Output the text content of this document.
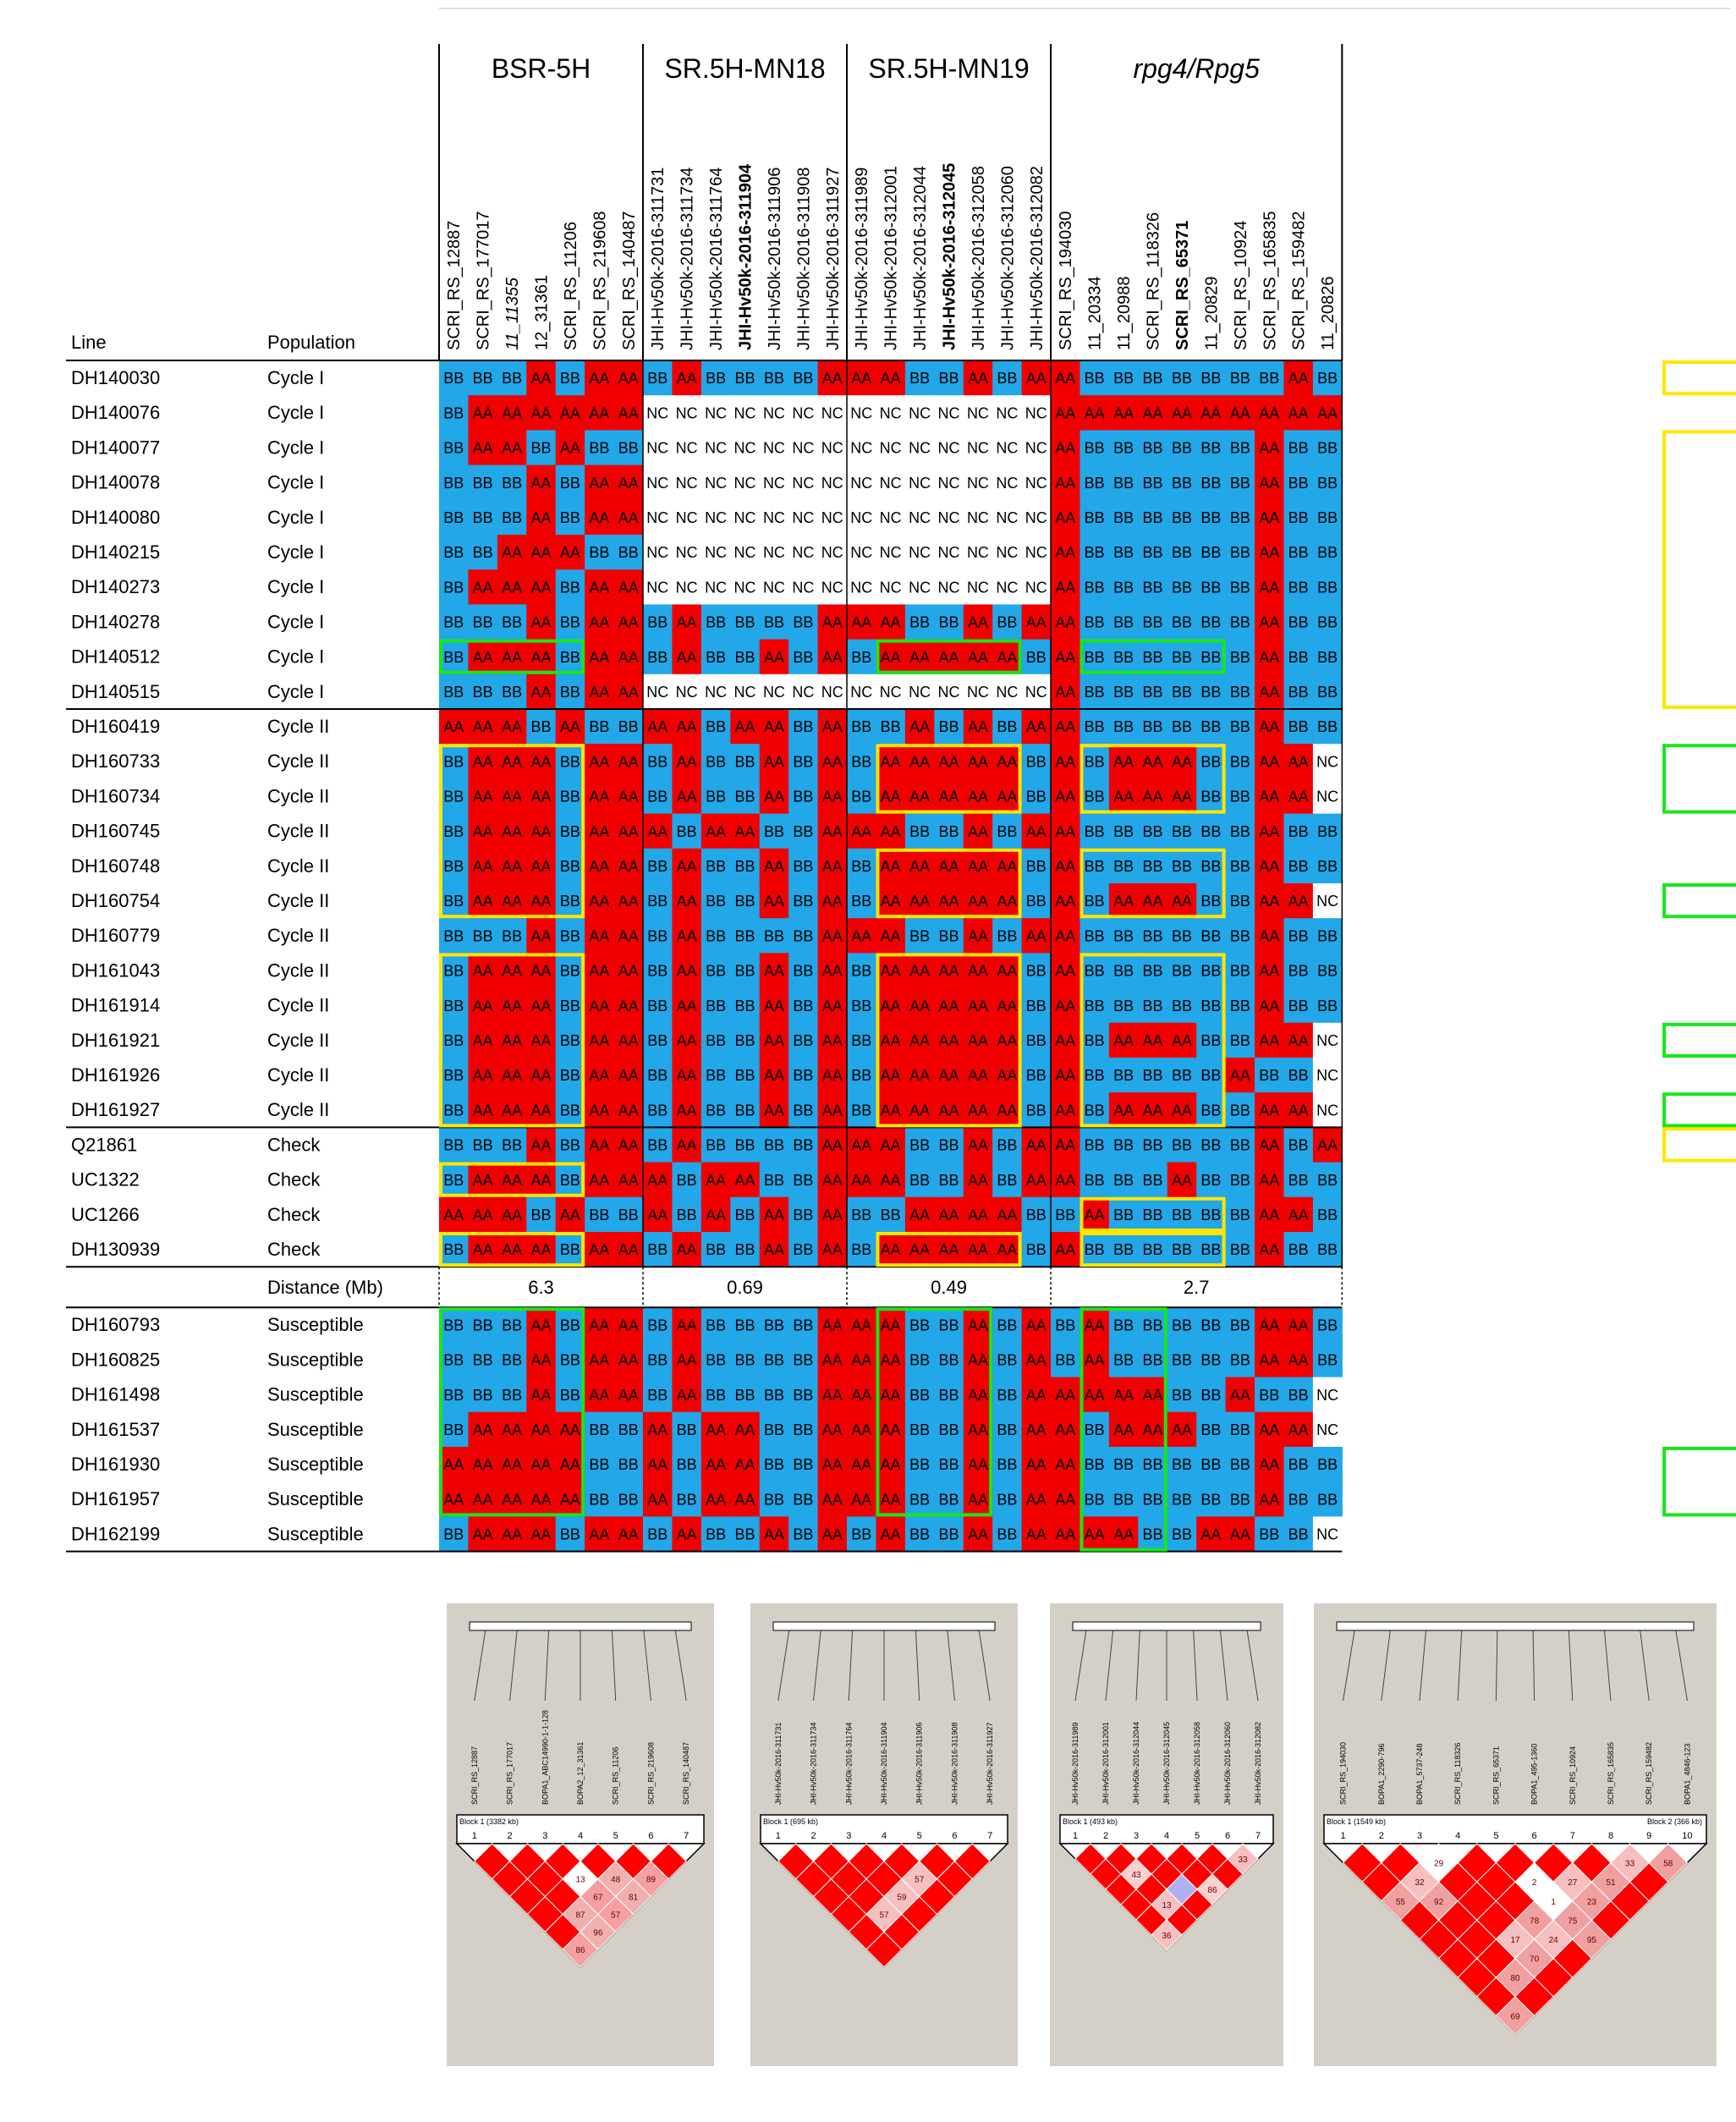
Line	Population
BSR-5H
SCRI_RS_12887 SCRI_RS_177017 11_11355 12_31361 SCRI_RS_11206 SCRI_RS_219608 SCRI_RS_140487
SR.5H-MN18
JHI-Hv50k-2016-311731 JHI-Hv50k-2016-311734 JHI-Hv50k-2016-311764 JHI-Hv50k-2016-311904 JHI-Hv50k-2016-311906 JHI-Hv50k-2016-311908 JHI-Hv50k-2016-311927
SR.5H-MN19
JHI-Hv50k-2016-311989 JHI-Hv50k-2016-312001 JHI-Hv50k-2016-312044 JHI-Hv50k-2016-312045 JHI-Hv50k-2016-312058 JHI-Hv50k-2016-312060 JHI-Hv50k-2016-312082
rpg4/Rpg5
SCRI_RS_194030 11_20334 11_20988 SCRI_RS_118326 SCRI_RS_65371 11_20829 SCRI_RS_10924 SCRI_RS_165835 SCRI_RS_159482 11_20826
DH140030	Cycle I	BB BB BB AA BB AA AA BB AA BB BB BB BB AA AA AA BB BB AA BB AA AA BB BB BB BB BB BB BB AA BB
DH140076	Cycle I	BB AA AA AA AA AA AA NC NC NC NC NC NC NC NC NC NC NC NC NC NC AA AA AA AA AA AA AA AA AA AA
DH140077	Cycle I	BB AA AA BB AA BB BB NC NC NC NC NC NC NC NC NC NC NC NC NC NC AA BB BB BB BB BB BB AA BB BB
DH140078	Cycle I	BB BB BB AA BB AA AA NC NC NC NC NC NC NC NC NC NC NC NC NC NC AA BB BB BB BB BB BB AA BB BB
DH140080	Cycle I	BB BB BB AA BB AA AA NC NC NC NC NC NC NC NC NC NC NC NC NC NC AA BB BB BB BB BB BB AA BB BB
DH140215	Cycle I	BB BB AA AA AA BB BB NC NC NC NC NC NC NC NC NC NC NC NC NC NC AA BB BB BB BB BB BB AA BB BB
DH140273	Cycle I	BB AA AA AA BB AA AA NC NC NC NC NC NC NC NC NC NC NC NC NC NC AA BB BB BB BB BB BB AA BB BB
DH140278	Cycle I	BB BB BB AA BB AA AA BB AA BB BB BB BB AA AA AA BB BB AA BB AA AA BB BB BB BB BB BB AA BB BB
DH140512	Cycle I	BB AA AA AA BB AA AA BB AA BB BB AA BB AA BB AA AA AA AA AA BB AA BB BB BB BB BB BB AA BB BB
DH140515	Cycle I	BB BB BB AA BB AA AA NC NC NC NC NC NC NC NC NC NC NC NC NC NC AA BB BB BB BB BB BB AA BB BB
DH160419	Cycle II	AA AA AA BB AA BB BB AA AA BB AA AA BB AA BB BB AA BB AA BB AA AA BB BB BB BB BB BB AA BB BB
DH160733	Cycle II	BB AA AA AA BB AA AA BB AA BB BB AA BB AA BB AA AA AA AA AA BB AA BB AA AA AA BB BB AA AA NC
DH160734	Cycle II	BB AA AA AA BB AA AA BB AA BB BB AA BB AA BB AA AA AA AA AA BB AA BB AA AA AA BB BB AA AA NC
DH160745	Cycle II	BB AA AA AA BB AA AA AA BB AA AA BB BB AA AA AA BB BB AA BB AA AA BB BB BB BB BB BB AA BB BB
DH160748	Cycle II	BB AA AA AA BB AA AA BB AA BB BB AA BB AA BB AA AA AA AA AA BB AA BB BB BB BB BB BB AA BB BB
DH160754	Cycle II	BB AA AA AA BB AA AA BB AA BB BB AA BB AA BB AA AA AA AA AA BB AA BB AA AA AA BB BB AA AA NC
DH160779	Cycle II	BB BB BB AA BB AA AA BB AA BB BB BB BB AA AA AA BB BB AA BB AA AA BB BB BB BB BB BB AA BB BB
DH161043	Cycle II	BB AA AA AA BB AA AA BB AA BB BB AA BB AA BB AA AA AA AA AA BB AA BB BB BB BB BB BB AA BB BB
DH161914	Cycle II	BB AA AA AA BB AA AA BB AA BB BB AA BB AA BB AA AA AA AA AA BB AA BB BB BB BB BB BB AA BB BB
DH161921	Cycle II	BB AA AA AA BB AA AA BB AA BB BB AA BB AA BB AA AA AA AA AA BB AA BB AA AA AA BB BB AA AA NC
DH161926	Cycle II	BB AA AA AA BB AA AA BB AA BB BB AA BB AA BB AA AA AA AA AA BB AA BB BB BB BB BB AA BB BB NC
DH161927	Cycle II	BB AA AA AA BB AA AA BB AA BB BB AA BB AA BB AA AA AA AA AA BB AA BB AA AA AA BB BB AA AA NC
Q21861	Check	BB BB BB AA BB AA AA BB AA BB BB BB BB AA AA AA BB BB AA BB AA AA BB BB BB BB BB BB AA BB AA
UC1322	Check	BB AA AA AA BB AA AA AA BB AA AA BB BB AA AA AA BB BB AA BB AA AA BB BB BB AA BB BB AA BB BB
UC1266	Check	AA AA AA BB AA BB BB AA BB AA BB AA BB AA BB BB AA AA AA AA BB BB AA BB BB BB BB BB AA AA BB
DH130939	Check	BB AA AA AA BB AA AA BB AA BB BB AA BB AA BB AA AA AA AA AA BB AA BB BB BB BB BB BB AA BB BB
DH160793	Susceptible	BB BB BB AA BB AA AA BB AA BB BB BB BB AA AA AA BB BB AA BB AA BB AA BB BB BB BB BB AA AA BB
DH160825	Susceptible	BB BB BB AA BB AA AA BB AA BB BB BB BB AA AA AA BB BB AA BB AA BB AA BB BB BB BB BB AA AA BB
DH161498	Susceptible	BB BB BB AA BB AA AA BB AA BB BB BB BB AA AA AA BB BB AA BB AA AA AA AA AA BB BB AA BB BB NC
DH161537	Susceptible	BB AA AA AA AA BB BB AA BB AA AA BB BB AA AA AA BB BB AA BB AA AA BB AA AA AA BB BB AA AA NC
DH161930	Susceptible	AA AA AA AA AA BB BB AA BB AA AA BB BB AA AA AA BB BB AA BB AA AA BB BB BB BB BB BB AA BB BB
DH161957	Susceptible	AA AA AA AA AA BB BB AA BB AA AA BB BB AA AA AA BB BB AA BB AA AA BB BB BB BB BB BB AA BB BB
DH162199	Susceptible	BB AA AA AA BB AA AA BB AA BB BB AA BB AA BB AA BB BB AA BB AA AA AA AA BB BB AA AA BB BB NC
Distance (Mb)	6.3	0.69	0.49	2.7
SCRI_RS_12887	SCRI_RS_177017	BOPA1_ABC14990-1-1-128	BOPA2_12_31361	SCRI_RS_11206	SCRI_RS_219608	SCRI_RS_140487
Block 1 (3382 kb)
1	2	3	4	5	6	7
86
87
96
13
67
57
48
81
89
JHI-Hv50k-2016-311731	JHI-Hv50k-2016-311734	JHI-Hv50k-2016-311764	JHI-Hv50k-2016-311904	JHI-Hv50k-2016-311906	JHI-Hv50k-2016-311908	JHI-Hv50k-2016-311927
Block 1 (695 kb)
1	2	3	4	5	6	7
57
59
57
JHI-Hv50k-2016-311989	JHI-Hv50k-2016-312001	JHI-Hv50k-2016-312044	JHI-Hv50k-2016-312045	JHI-Hv50k-2016-312058	JHI-Hv50k-2016-312060	JHI-Hv50k-2016-312082
Block 1 (493 kb)
1	2	3	4	5	6	7
36
43
13
86
33
SCRI_RS_194030	BOPA1_2290-796	BOPA1_5737-248	SCRI_RS_118326	SCRI_RS_65371	BOPA1_495-1360	SCRI_RS_10924	SCRI_RS_165835	SCRI_RS_159482	BOPA1_4846-123
Block 1 (1549 kb)	Block 2 (366 kb)
1	2	3	4	5	6	7	8	9	10
55
69
32
92
80
29
17
70
78
24
2
1
75
95
27
23
51
33	58
